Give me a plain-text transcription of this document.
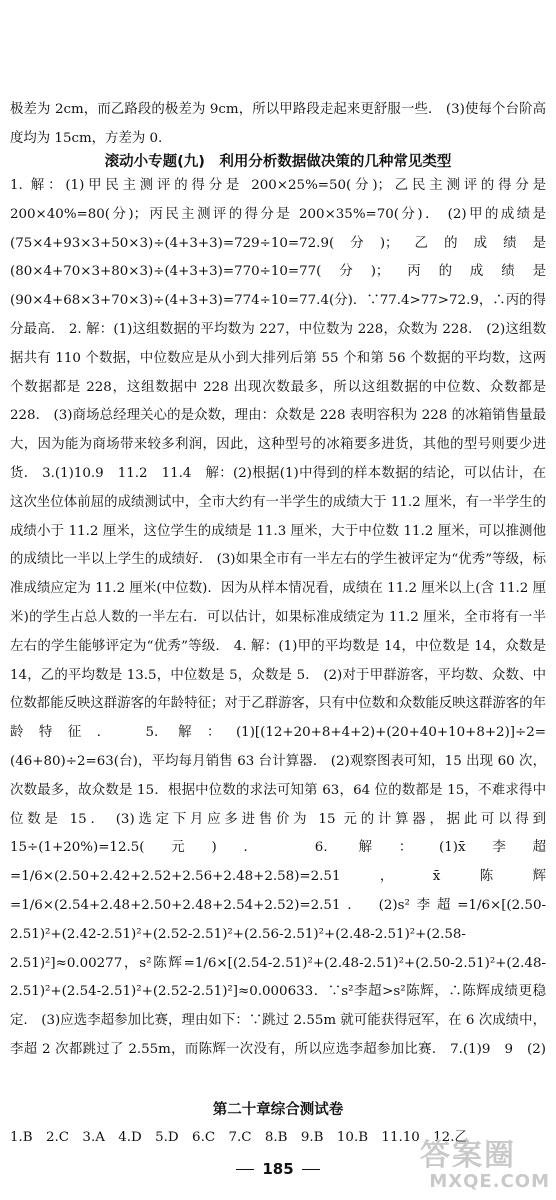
极差为 2cm，而乙路段的极差为 9cm，所以甲路段走起来更舒服一些． (3)使每个台阶高度均为 15cm，方差为 0.

滚动小专题(九)　利用分析数据做决策的几种常见类型

1. 解：(1)甲民主测评的得分是 200×25%=50(分)；乙民主测评的得分是 200×40%=80(分)；丙民主测评的得分是 200×35%=70(分)． (2)甲的成绩是(75×4+93×3+50×3)÷(4+3+3)=729÷10=72.9(分)；乙的成绩是(80×4+70×3+80×3)÷(4+3+3)=770÷10=77(分)；丙的成绩是(90×4+68×3+70×3)÷(4+3+3)=774÷10=77.4(分)．∵77.4>77>72.9，∴丙的得分最高． 2. 解：(1)这组数据的平均数为 227，中位数为 228，众数为 228． (2)这组数据共有 110 个数据，中位数应是从小到大排列后第 55 个和第 56 个数据的平均数，这两个数据都是 228，这组数据中 228 出现次数最多，所以这组数据的中位数、众数都是 228． (3)商场总经理关心的是众数，理由：众数是 228 表明容积为 228 的冰箱销售量最大，因为能为商场带来较多利润，因此，这种型号的冰箱要多进货，其他的型号则要少进货． 3.(1)10.9　11.2　11.4　解：(2)根据(1)中得到的样本数据的结论，可以估计，在这次坐位体前屈的成绩测试中，全市大约有一半学生的成绩大于 11.2 厘米，有一半学生的成绩小于 11.2 厘米，这位学生的成绩是 11.3 厘米，大于中位数 11.2 厘米，可以推测他的成绩比一半以上学生的成绩好． (3)如果全市有一半左右的学生被评定为“优秀”等级，标准成绩应定为 11.2 厘米(中位数)．因为从样本情况看，成绩在 11.2 厘米以上(含 11.2 厘米)的学生占总人数的一半左右．可以估计，如果标准成绩定为 11.2 厘米，全市将有一半左右的学生能够评定为“优秀”等级． 4. 解：(1)甲的平均数是 14，中位数是 14，众数是 14，乙的平均数是 13.5，中位数是 5，众数是 5． (2)对于甲群游客，平均数、众数、中位数都能反映这群游客的年龄特征；对于乙群游客，只有中位数和众数能反映这群游客的年龄特征． 5. 解：(1)[(12+20+8+4+2)+(20+40+10+8+2)]÷2=(46+80)÷2=63(台)，平均每月销售 63 台计算器． (2)观察图表可知，15 出现 60 次，次数最多，故众数是 15．根据中位数的求法可知第 63，64 位的数都是 15，不难求得中位数是 15． (3)选定下月应多进售价为 15 元的计算器，据此可以得到 15÷(1+20%)=12.5(元)． 6. 解：(1)x̄李超=1/6×(2.50+2.42+2.52+2.56+2.48+2.58)=2.51，x̄陈辉=1/6×(2.54+2.48+2.50+2.48+2.54+2.52)=2.51． (2)s²李超=1/6×[(2.50-2.51)²+(2.42-2.51)²+(2.52-2.51)²+(2.56-2.51)²+(2.48-2.51)²+(2.58-2.51)²]≈0.00277，s²陈辉=1/6×[(2.54-2.51)²+(2.48-2.51)²+(2.50-2.51)²+(2.48-2.51)²+(2.54-2.51)²+(2.52-2.51)²]≈0.000633．∵s²李超>s²陈辉，∴陈辉成绩更稳定． (3)应选李超参加比赛，理由如下：∵跳过 2.55m 就可能获得冠军，在 6 次成绩中，李超 2 次都跳过了 2.55m，而陈辉一次没有，所以应选李超参加比赛． 7.(1)9　9　(2) 　

第二十章综合测试卷
1.B　2.C　3.A　4.D　5.D　6.C　7.C　8.B　9.B　10.B　11.10　12.乙
185	答案圈
MXQE.COM
